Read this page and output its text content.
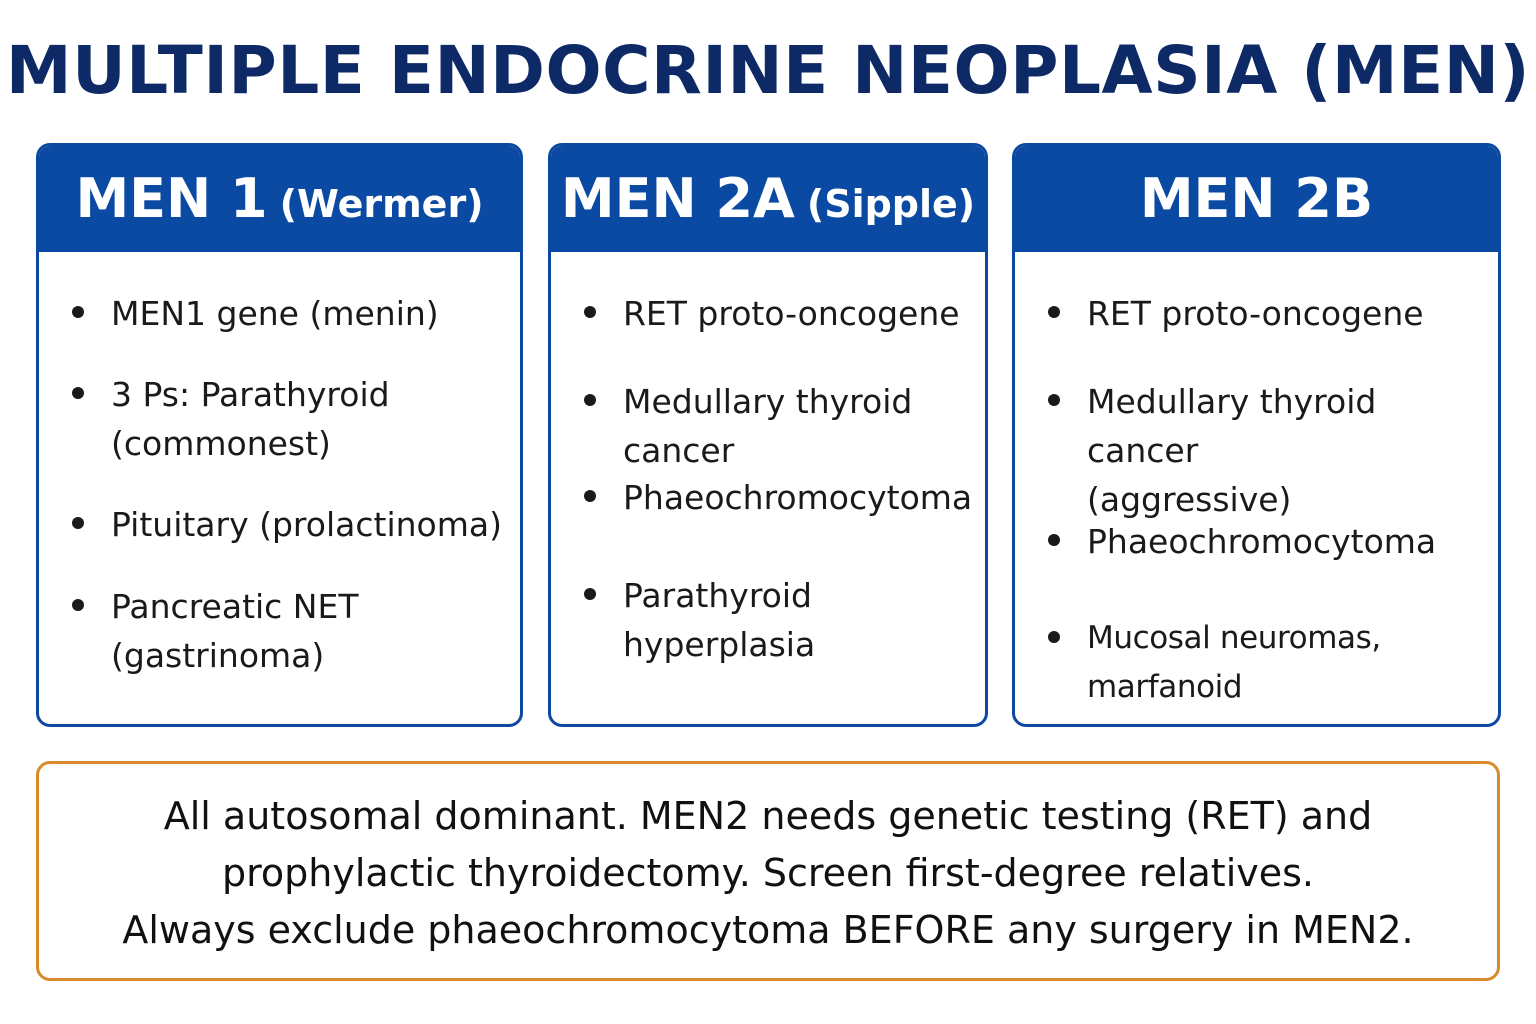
MULTIPLE ENDOCRINE NEOPLASIA (MEN)
MEN 1 (Wermer)

MEN1 gene (menin)

3 Ps: Parathyroid
(commonest)

Pituitary (prolactinoma)

Pancreatic NET
(gastrinoma)

MEN 2A (Sipple)

RET proto-oncogene

Medullary thyroid cancer

Phaeochromocytoma

Parathyroid hyperplasia

MEN 2B

RET proto-oncogene

Medullary thyroid cancer
(aggressive)

Phaeochromocytoma

Mucosal neuromas, marfanoid

All autosomal dominant. MEN2 needs genetic testing (RET) and
prophylactic thyroidectomy. Screen first-degree relatives.
Always exclude phaeochromocytoma BEFORE any surgery in MEN2.
